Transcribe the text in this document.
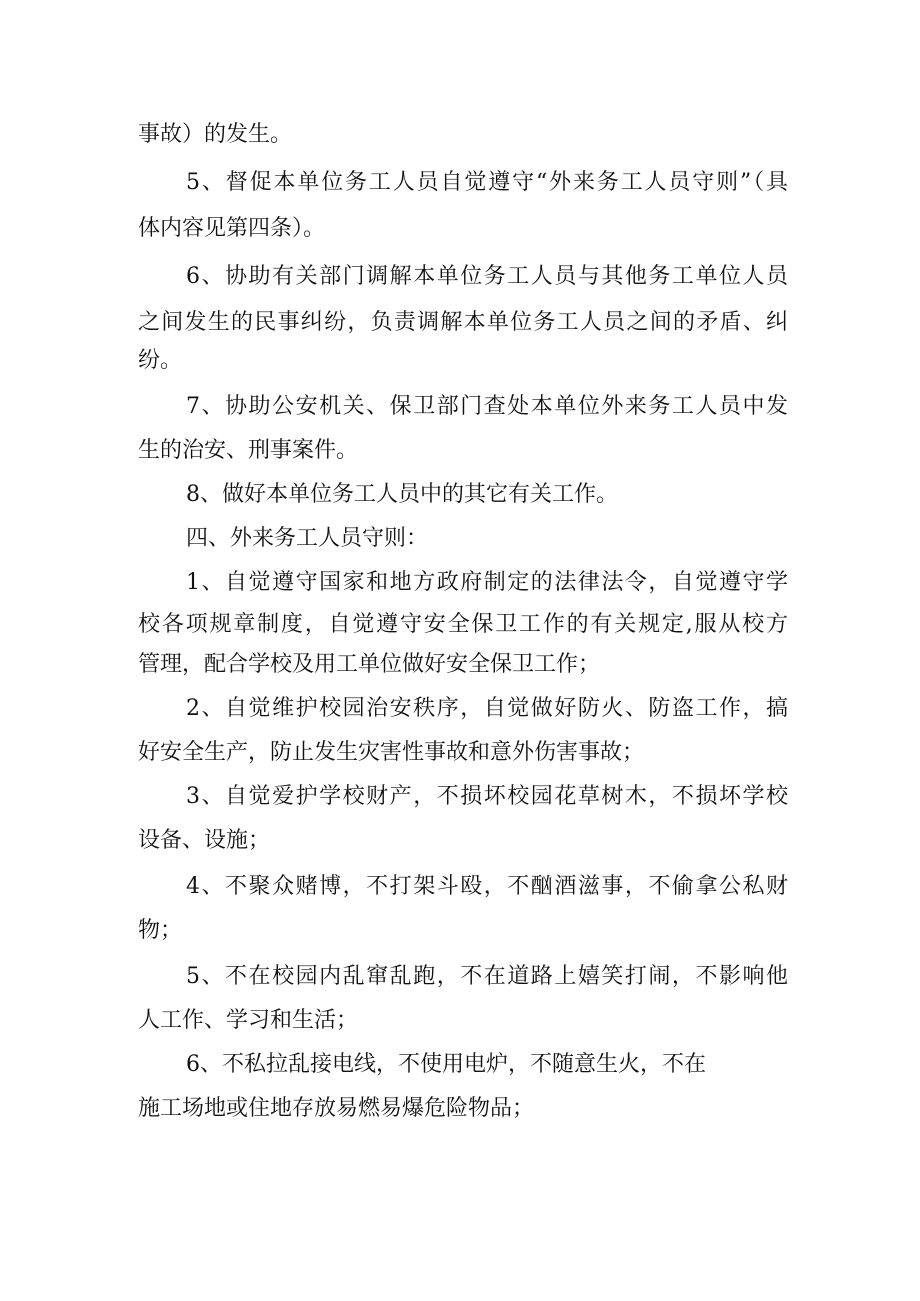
事故）的发生。
5、督促本单位务工人员自觉遵守“外来务工人员守则”（具
体内容见第四条）。
6、协助有关部门调解本单位务工人员与其他务工单位人员
之间发生的民事纠纷，负责调解本单位务工人员之间的矛盾、纠
纷。
7、协助公安机关、保卫部门查处本单位外来务工人员中发
生的治安、刑事案件。
8、做好本单位务工人员中的其它有关工作。
四、外来务工人员守则：
1、自觉遵守国家和地方政府制定的法律法令，自觉遵守学
校各项规章制度，自觉遵守安全保卫工作的有关规定,服从校方
管理，配合学校及用工单位做好安全保卫工作；
2、自觉维护校园治安秩序，自觉做好防火、防盗工作，搞
好安全生产，防止发生灾害性事故和意外伤害事故；
3、自觉爱护学校财产，不损坏校园花草树木，不损坏学校
设备、设施；
4、不聚众赌博，不打架斗殴，不酗酒滋事，不偷拿公私财
物；
5、不在校园内乱窜乱跑，不在道路上嬉笑打闹，不影响他
人工作、学习和生活；
6、不私拉乱接电线，不使用电炉，不随意生火，不在
施工场地或住地存放易燃易爆危险物品；
